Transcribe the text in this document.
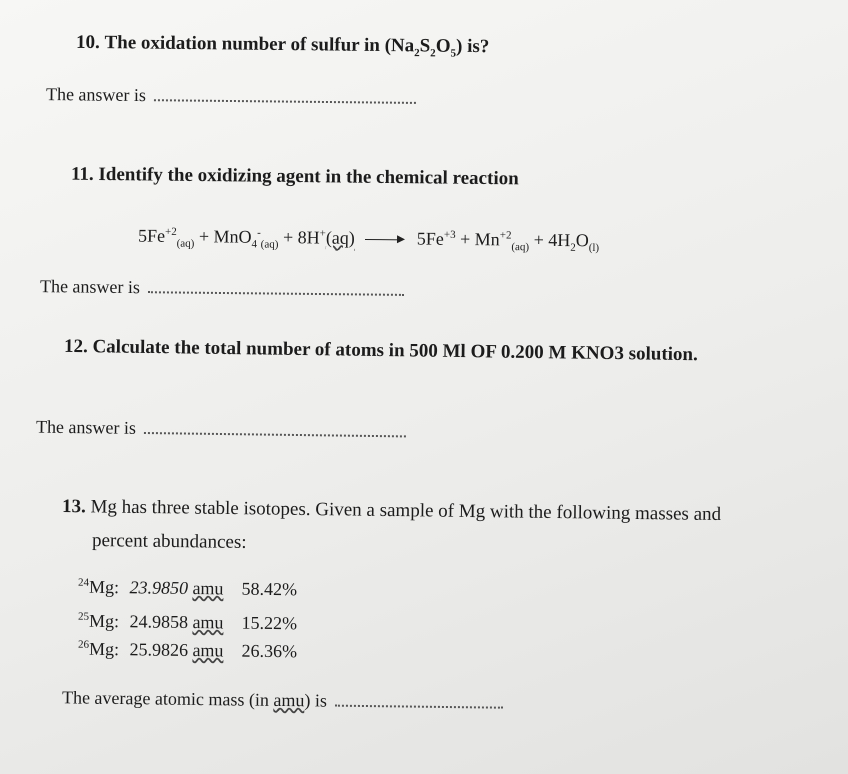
10. The oxidation number of sulfur in $(Na_2S_2O_5)$ is?
The answer is
11. Identify the oxidizing agent in the chemical reaction
$5Fe^{+2}_{(aq)} + MnO_4^-_{(aq)} + 8H^+(aq)$	$5Fe^{+3} + Mn^{+2}_{(aq)} + 4H_2O_{(l)}$
The answer is
12. Calculate the total number of atoms in 500 Ml OF 0.200 M KNO3 solution.
The answer is
13. Mg has three stable isotopes. Given a sample of Mg with the following masses and
percent abundances:
$^{24}$Mg: 23.9850 amu 58.42%
$^{25}$Mg: 24.9858 amu 15.22%
$^{26}$Mg: 25.9826 amu 26.36%
The average atomic mass (in amu) is
